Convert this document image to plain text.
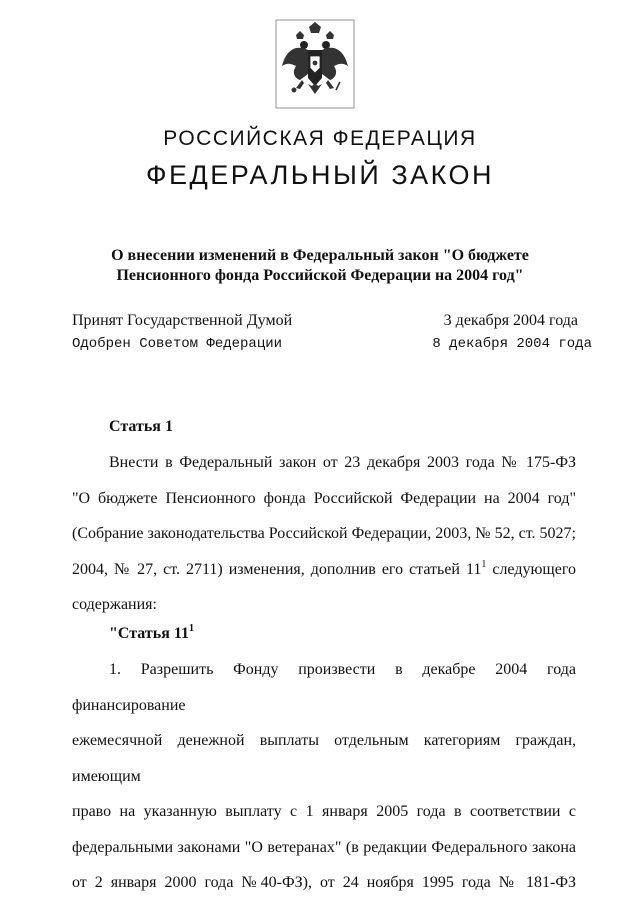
РОССИЙСКАЯ ФЕДЕРАЦИЯ
ФЕДЕРАЛЬНЫЙ ЗАКОН
О внесении изменений в Федеральный закон "О бюджете
Пенсионного фонда Российской Федерации на 2004 год"
Принят Государственной Думой	3 декабря 2004 года
Одобрен Советом Федерации	8 декабря 2004 года
Статья 1
Внести в Федеральный закон от 23 декабря 2003 года № 175-ФЗ
"О бюджете Пенсионного фонда Российской Федерации на 2004 год"
(Собрание законодательства Российской Федерации, 2003, № 52, ст. 5027;
2004, № 27, ст. 2711) изменения, дополнив его статьей $11^1$ следующего
содержания:
"Статья $11^1$
1. Разрешить Фонду произвести в декабре 2004 года финансирование
ежемесячной денежной выплаты отдельным категориям граждан, имеющим
право на указанную выплату с 1 января 2005 года в соответствии с
федеральными законами "О ветеранах" (в редакции Федерального закона
от 2 января 2000 года №40-ФЗ), от 24 ноября 1995 года № 181-ФЗ
